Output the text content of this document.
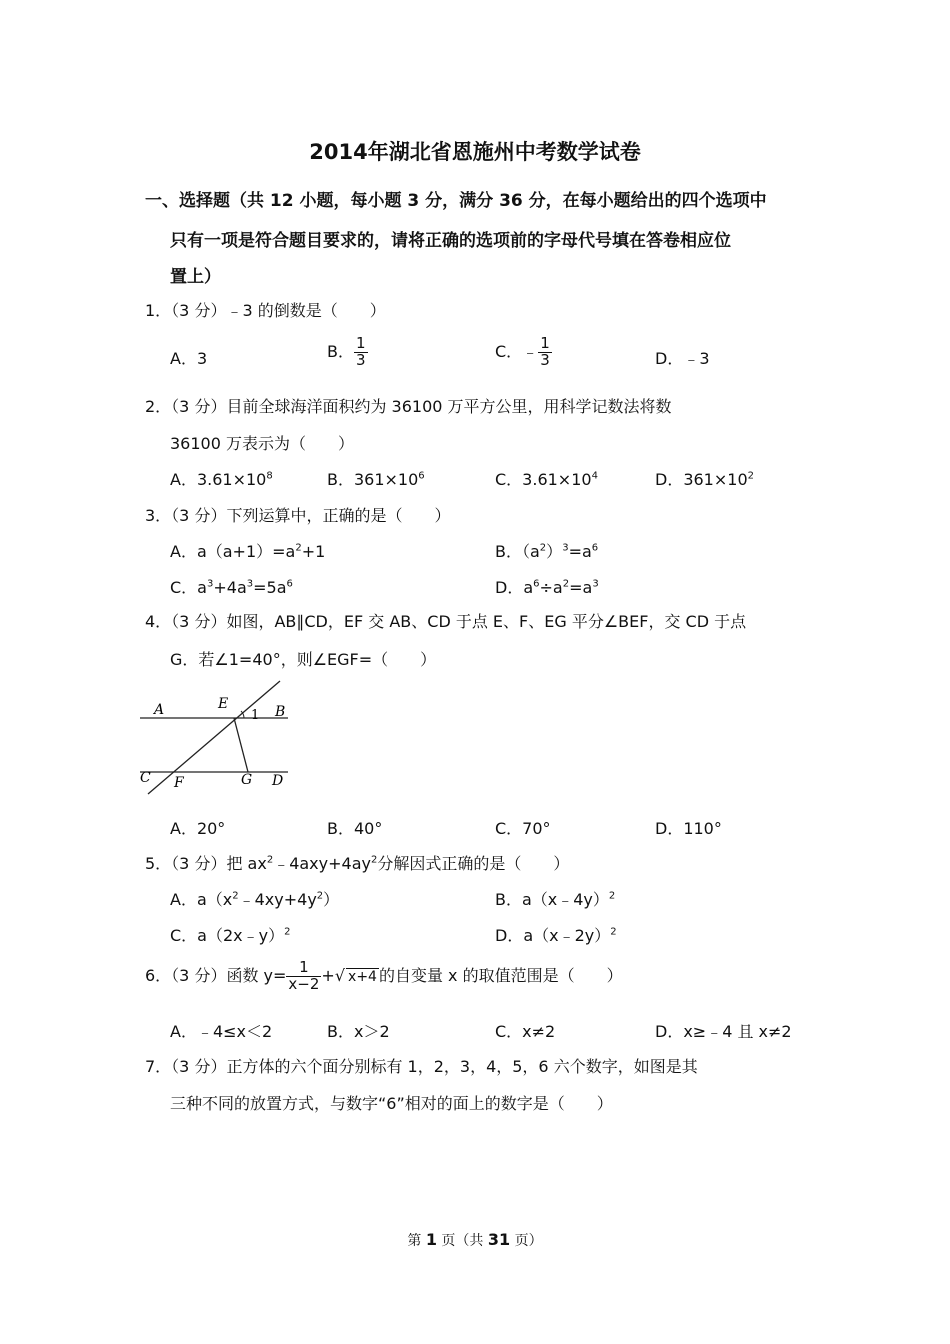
2014年湖北省恩施州中考数学试卷
一、选择题（共 12 小题，每小题 3 分，满分 36 分，在每小题给出的四个选项中
只有一项是符合题目要求的，请将正确的选项前的字母代号填在答卷相应位
置上）
1．（3 分）﹣3 的倒数是（　　）
A．3	B． $\frac{1}{3}$	C．﹣ $\frac{1}{3}$	D．﹣3
2．（3 分）目前全球海洋面积约为 36100 万平方公里，用科学记数法将数
36100 万表示为（　　）
A．$3.61\times 10^8$	B．$361\times 10^6$	C．$3.61\times 10^4$	D．$361\times 10^2$
3．（3 分）下列运算中，正确的是（　　）
A．$a(a+1)=a^2+1$	B．$(a^2)^3=a^6$
C．$a^3+4a^3=5a^6$	D．$a^6\div a^2=a^3$
4．（3 分）如图，AB∥CD，EF 交 AB、CD 于点 E、F、EG 平分∠BEF，交 CD 于点
G．若∠1=40°，则∠EGF=（　　）
A	E
1 B
C F	G D
A．20°	B．40°	C．70°	D．110°
5．（3 分）把 $ax^2﹣4axy+4ay^2$分解因式正确的是（　　）
A．$a(x^2﹣4xy+4y^2)$	B．a（x﹣4y）$^2$
C．a（2x﹣y）$^2$	D．a（x﹣2y）$^2$
6．（3 分）函数 $y= \frac{1}{x-2}$ +√ x+4 的自变量 x 的取值范围是（　　）
A．﹣4≤x＜2	B．x＞2	C．x≠2	D．x≥﹣4 且 x≠2
7．（3 分）正方体的六个面分别标有 1，2，3，4，5，6 六个数字，如图是其
三种不同的放置方式，与数字“6”相对的面上的数字是（　　）
第 1 页（共 31 页）
